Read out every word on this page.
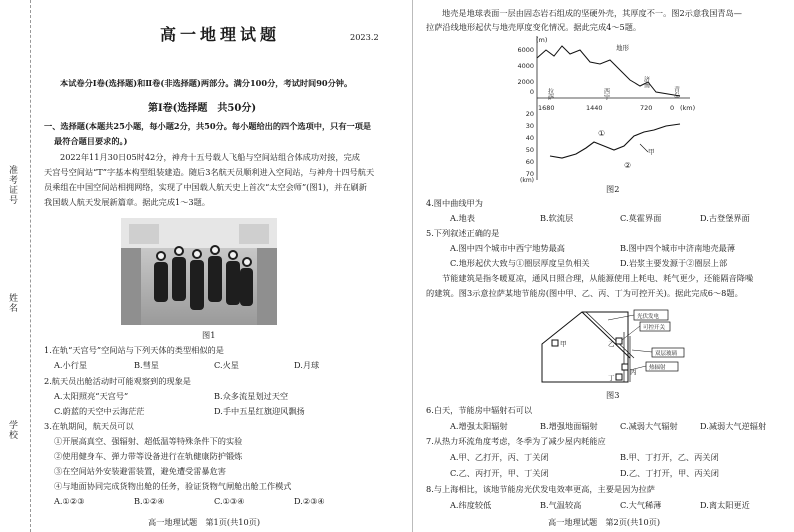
准考证号
姓名
学校
高一地理试题	2023.2
本试卷分Ⅰ卷(选择题)和Ⅱ卷(非选择题)两部分。满分100分，考试时间90分钟。
第Ⅰ卷(选择题　共50分)
一、选择题(本题共25小题，每小题2分，共50分。每小题给出的四个选项中，只有一项是
最符合题目要求的。)
2022年11月30日05时42分，神舟十五号载人飞船与空间站组合体成功对接，完成
天宫号空间站“T”字基本构型组装建造。随后3名航天员顺利进入空间站，与神舟十四号航天
员乘组在中国空间站相拥网络，实现了中国载人航天史上首次“太空会师”(图1)，并在刷新
我国载人航天发展新篇章。据此完成1～3题。
图1
1.在轨“天宫号”空间站与下列天体的类型相似的是
A.小行星	B.彗星	C.火星	D.月球
2.航天员出舱活动时可能观察到的现象是
A.太阳照亮“天宫号”	B.众多流星划过天空
C.蔚蓝的天空中云海茫茫	D.手中五星红旗迎风飘扬
3.在轨期间，航天员可以
①开展高真空、强辐射、超低温等特殊条件下的实验
②使用健身车、弹力带等设备进行在轨健康防护锻炼
③在空间站外安装避雷装置，避免遭受雷暴危害
④与地面协同完成货物出舱的任务，验证货物气闸舱出舱工作模式
A.①②③	B.①②④	C.①③④	D.②③④
高一地理试题　第1页(共10页)
地壳是地球表面一层由固态岩石组成的坚硬外壳，其厚度不一。图2示意我国青岛—
拉萨沿线地形起伏与地壳厚度变化情况。据此完成4～5题。
(m)
6000
4000
2000
0
1680	1440	720	0 (km)
地形
拉萨	西宁
济南
青岛
20
30
40
50
60
70
(km)
①
②
甲
图2
4.图中曲线甲为
A.地表	B.软流层	C.莫霍界面	D.古登堡界面
5.下列叙述正确的是
A.图中四个城市中西宁地势最高	B.图中四个城市中济南地壳最薄
C.地形起伏大致与①圈层厚度呈负相关	D.岩浆主要发源于②圈层上部
节能建筑是指冬暖夏凉，通风日照合理，从能源使用上耗电、耗气更少，还能隔音降噪
的建筑。图3示意拉萨某地节能房(图中甲、乙、丙、丁为可控开关)。据此完成6～8题。
甲	乙
丙
丁
光伏发电
可控开关
双层玻璃
热辐射
图3
6.白天，节能房中辐射石可以
A.增强太阳辐射	B.增强地面辐射	C.减弱大气辐射	D.减弱大气逆辐射
7.从热力环流角度考虑，冬季为了减少屋内耗能应
A.甲、乙打开，丙、丁关闭	B.甲、丁打开，乙、丙关闭
C.乙、丙打开，甲、丁关闭	D.乙、丁打开，甲、丙关闭
8.与上海相比，该地节能房光伏发电效率更高，主要是因为拉萨
A.纬度较低	B.气温较高	C.大气稀薄	D.离太阳更近
高一地理试题　第2页(共10页)
